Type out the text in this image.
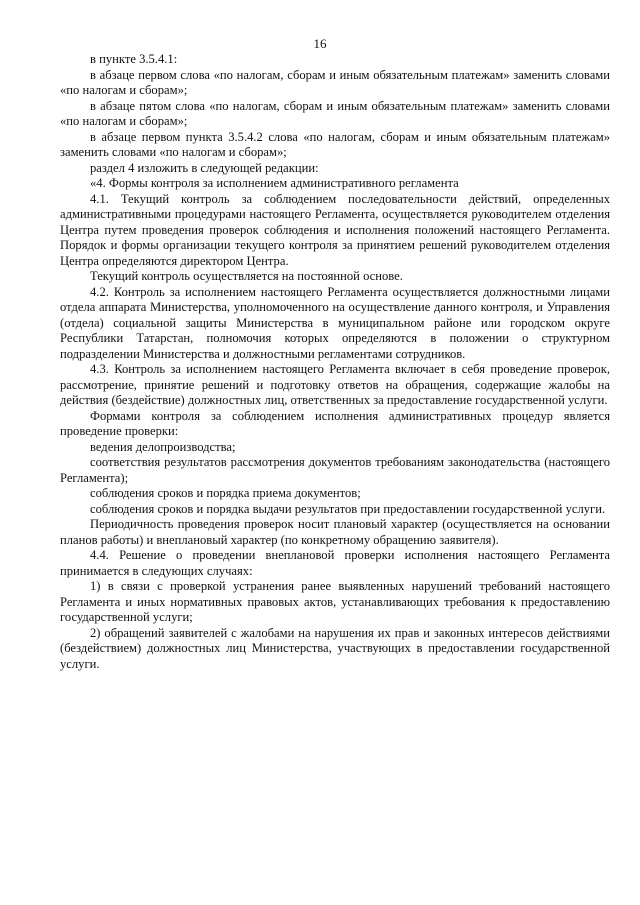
16

в пункте 3.5.4.1:

в абзаце первом слова «по налогам, сборам и иным обязательным платежам» заменить словами «по налогам и сборам»;

в абзаце пятом слова «по налогам, сборам и иным обязательным платежам» заменить словами «по налогам и сборам»;

в абзаце первом пункта 3.5.4.2 слова «по налогам, сборам и иным обязательным платежам» заменить словами «по налогам и сборам»;

раздел 4 изложить в следующей редакции:

«4. Формы контроля за исполнением административного регламента

4.1. Текущий контроль за соблюдением последовательности действий, определенных административными процедурами настоящего Регламента, осуществляется руководителем отделения Центра путем проведения проверок соблюдения и исполнения положений настоящего Регламента. Порядок и формы организации текущего контроля за принятием решений руководителем отделения Центра определяются директором Центра.

Текущий контроль осуществляется на постоянной основе.

4.2. Контроль за исполнением настоящего Регламента осуществляется должностными лицами отдела аппарата Министерства, уполномоченного на осуществление данного контроля, и Управления (отдела) социальной защиты Министерства в муниципальном районе или городском округе Республики Татарстан, полномочия которых определяются в положении о структурном подразделении Министерства и должностными регламентами сотрудников.

4.3. Контроль за исполнением настоящего Регламента включает в себя проведение проверок, рассмотрение, принятие решений и подготовку ответов на обращения, содержащие жалобы на действия (бездействие) должностных лиц, ответственных за предоставление государственной услуги.

Формами контроля за соблюдением исполнения административных процедур является проведение проверки:

ведения делопроизводства;

соответствия результатов рассмотрения документов требованиям законодательства (настоящего Регламента);

соблюдения сроков и порядка приема документов;

соблюдения сроков и порядка выдачи результатов при предоставлении государственной услуги.

Периодичность проведения проверок носит плановый характер (осуществляется на основании планов работы) и внеплановый характер (по конкретному обращению заявителя).

4.4. Решение о проведении внеплановой проверки исполнения настоящего Регламента принимается в следующих случаях:

1) в связи с проверкой устранения ранее выявленных нарушений требований настоящего Регламента и иных нормативных правовых актов, устанавливающих требования к предоставлению государственной услуги;

2) обращений заявителей с жалобами на нарушения их прав и законных интересов действиями (бездействием) должностных лиц Министерства, участвующих в предоставлении государственной услуги.
